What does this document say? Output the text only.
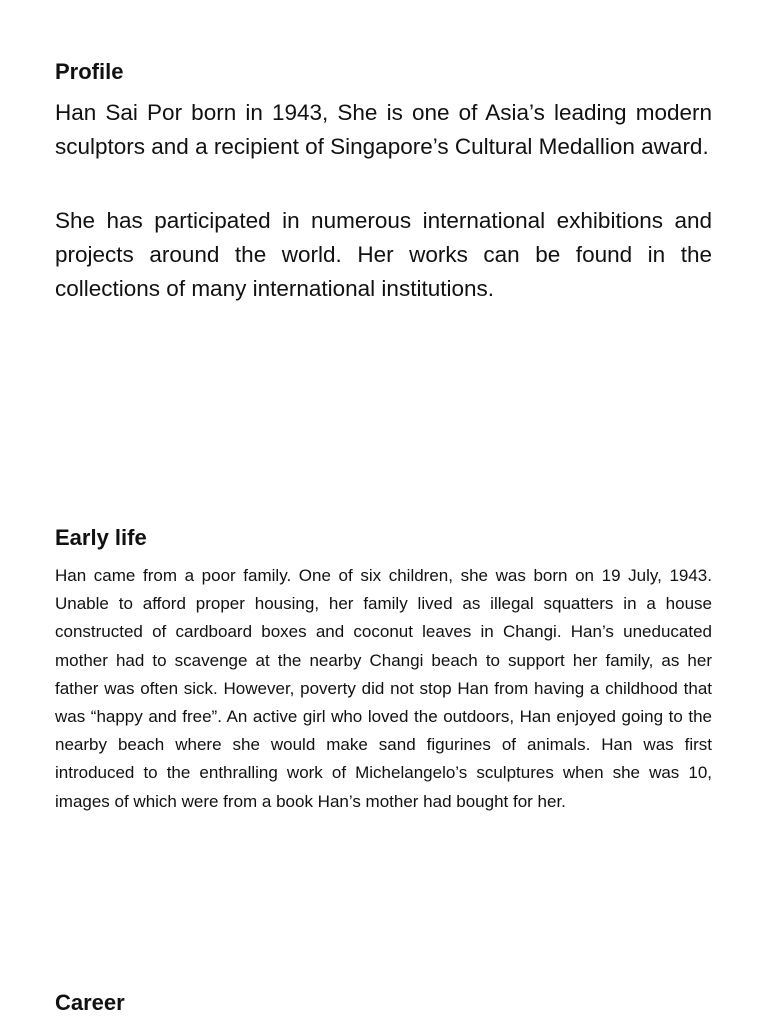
Profile

Han Sai Por born in 1943, She is one of Asia’s leading modern sculptors and a recipient of Singapore’s Cultural Medallion award.

She has participated in numerous international exhibitions and projects around the world. Her works can be found in the collections of many international institutions.

Early life

Han came from a poor family. One of six children, she was born on 19 July, 1943. Unable to afford proper housing, her family lived as illegal squatters in a house constructed of cardboard boxes and coconut leaves in Changi. Han’s uneducated mother had to scavenge at the nearby Changi beach to support her family, as her father was often sick. However, poverty did not stop Han from having a childhood that was “happy and free”. An active girl who loved the outdoors, Han enjoyed going to the nearby beach where she would make sand figurines of animals. Han was first introduced to the enthralling work of Michelangelo’s sculptures when she was 10, images of which were from a book Han’s mother had bought for her.

Career
